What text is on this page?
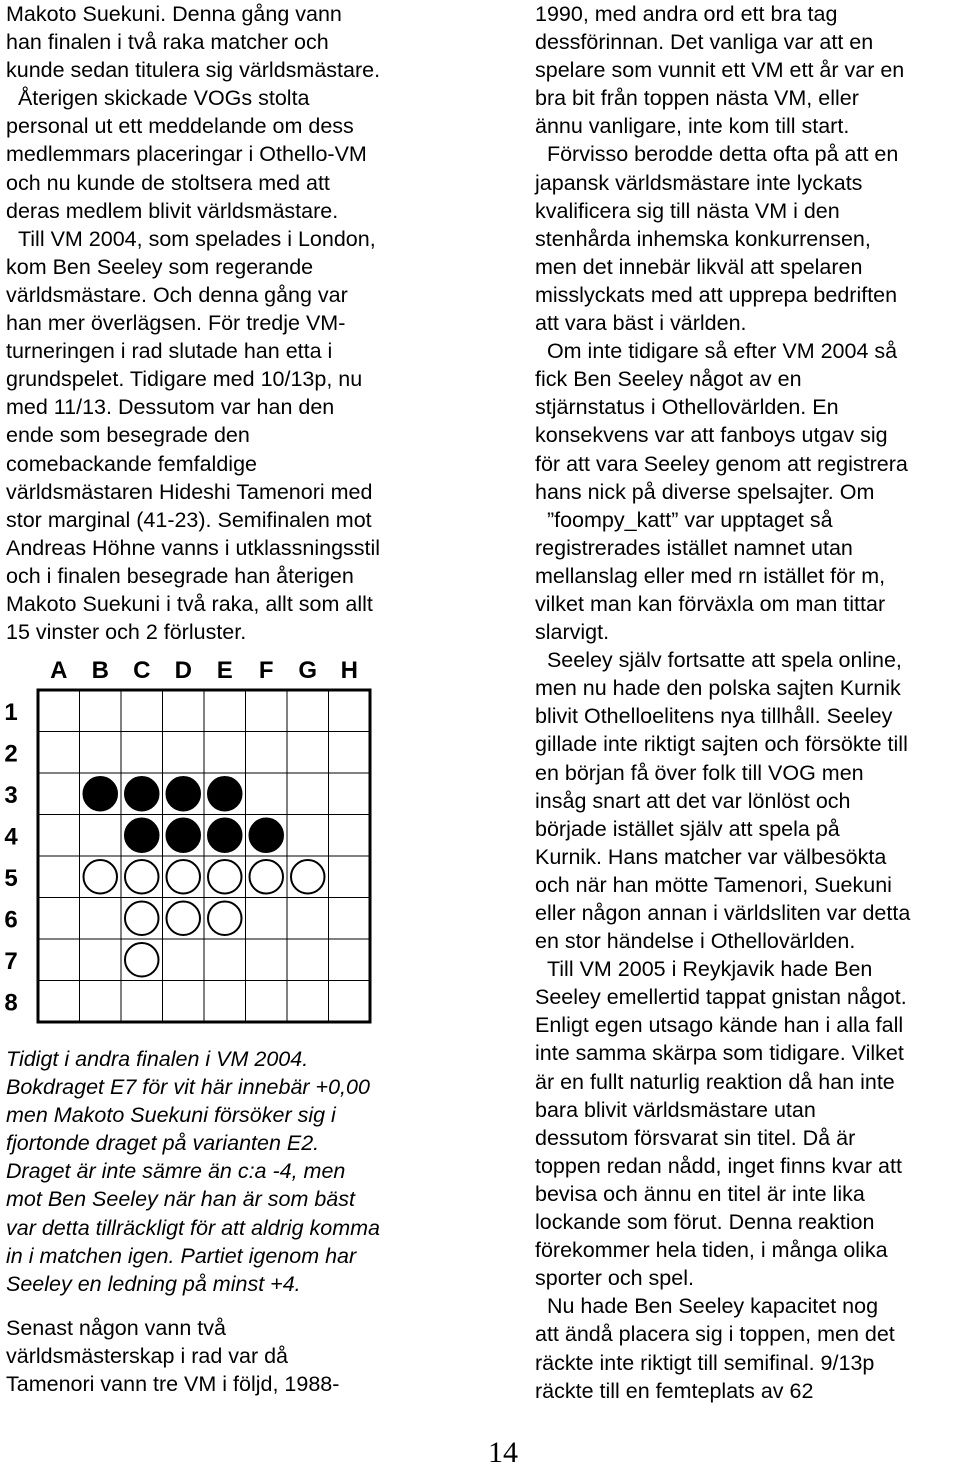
Makoto Suekuni. Denna gång vann
han finalen i två raka matcher och
kunde sedan titulera sig världsmästare.
Återigen skickade VOGs stolta
personal ut ett meddelande om dess
medlemmars placeringar i Othello-VM
och nu kunde de stoltsera med att
deras medlem blivit världsmästare.
Till VM 2004, som spelades i London,
kom Ben Seeley som regerande
världsmästare. Och denna gång var
han mer överlägsen. För tredje VM-
turneringen i rad slutade han etta i
grundspelet. Tidigare med 10/13p, nu
med 11/13. Dessutom var han den
ende som besegrade den
comebackande femfaldige
världsmästaren Hideshi Tamenori med
stor marginal (41-23). Semifinalen mot
Andreas Höhne vanns i utklassningsstil
och i finalen besegrade han återigen
Makoto Suekuni i två raka, allt som allt
15 vinster och 2 förluster.
A B C D E F G H
1
2
3
4
5
6
7
8
Tidigt i andra finalen i VM 2004.
Bokdraget E7 för vit här innebär +0,00
men Makoto Suekuni försöker sig i
fjortonde draget på varianten E2.
Draget är inte sämre än c:a -4, men
mot Ben Seeley när han är som bäst
var detta tillräckligt för att aldrig komma
in i matchen igen. Partiet igenom har
Seeley en ledning på minst +4.
Senast någon vann två
världsmästerskap i rad var då
Tamenori vann tre VM i följd, 1988-
1990, med andra ord ett bra tag
dessförinnan. Det vanliga var att en
spelare som vunnit ett VM ett år var en
bra bit från toppen nästa VM, eller
ännu vanligare, inte kom till start.
Förvisso berodde detta ofta på att en
japansk världsmästare inte lyckats
kvalificera sig till nästa VM i den
stenhårda inhemska konkurrensen,
men det innebär likväl att spelaren
misslyckats med att upprepa bedriften
att vara bäst i världen.
Om inte tidigare så efter VM 2004 så
fick Ben Seeley något av en
stjärnstatus i Othellovärlden. En
konsekvens var att fanboys utgav sig
för att vara Seeley genom att registrera
hans nick på diverse spelsajter. Om
”foompy_katt” var upptaget så
registrerades istället namnet utan
mellanslag eller med rn istället för m,
vilket man kan förväxla om man tittar
slarvigt.
Seeley själv fortsatte att spela online,
men nu hade den polska sajten Kurnik
blivit Othelloelitens nya tillhåll. Seeley
gillade inte riktigt sajten och försökte till
en början få över folk till VOG men
insåg snart att det var lönlöst och
började istället själv att spela på
Kurnik. Hans matcher var välbesökta
och när han mötte Tamenori, Suekuni
eller någon annan i världsliten var detta
en stor händelse i Othellovärlden.
Till VM 2005 i Reykjavik hade Ben
Seeley emellertid tappat gnistan något.
Enligt egen utsago kände han i alla fall
inte samma skärpa som tidigare. Vilket
är en fullt naturlig reaktion då han inte
bara blivit världsmästare utan
dessutom försvarat sin titel. Då är
toppen redan nådd, inget finns kvar att
bevisa och ännu en titel är inte lika
lockande som förut. Denna reaktion
förekommer hela tiden, i många olika
sporter och spel.
Nu hade Ben Seeley kapacitet nog
att ändå placera sig i toppen, men det
räckte inte riktigt till semifinal. 9/13p
räckte till en femteplats av 62
14
